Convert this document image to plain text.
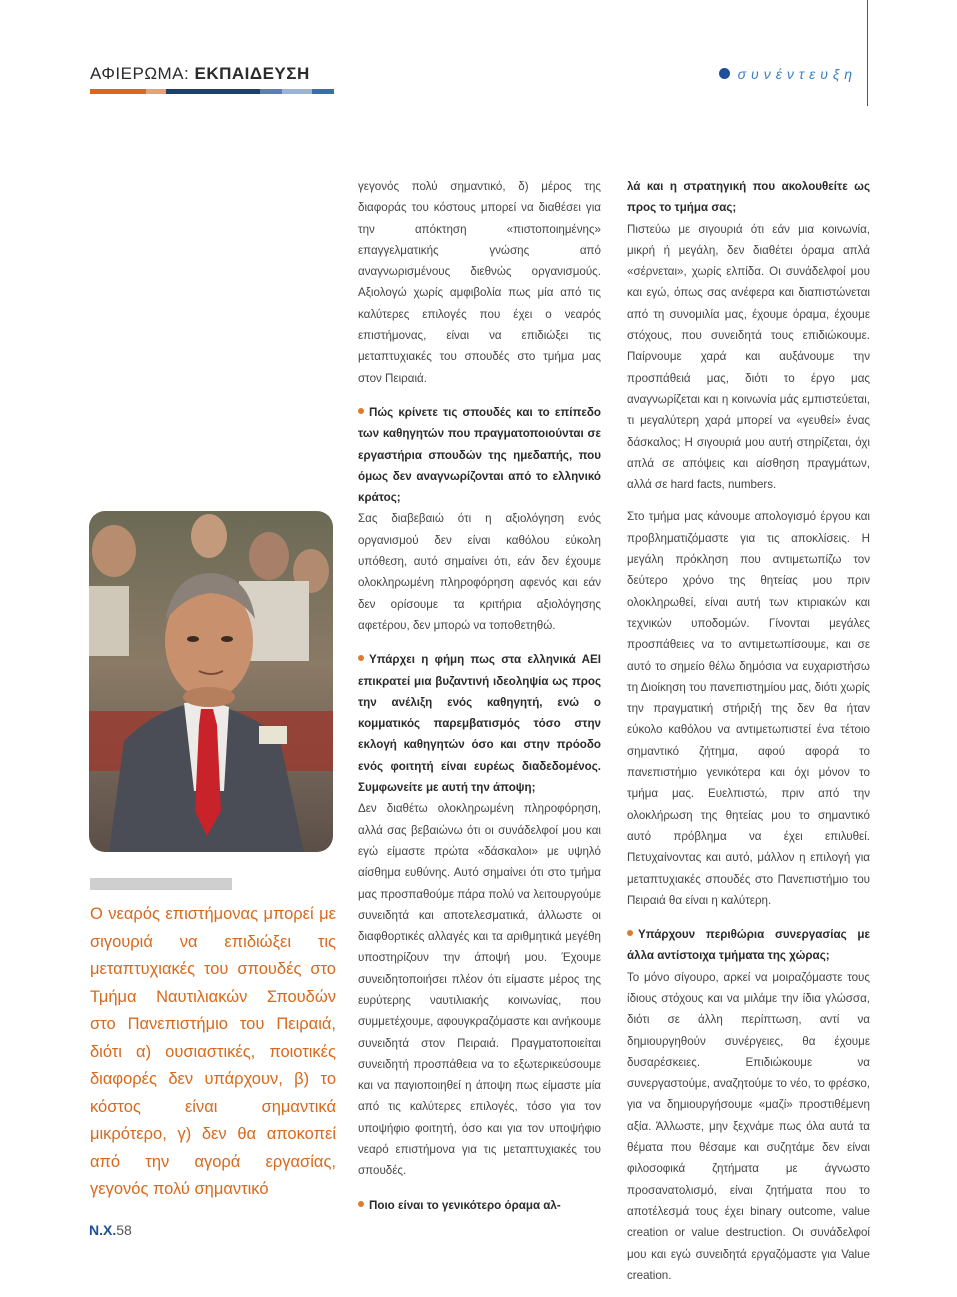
ΑΦΙΕΡΩΜΑ: ΕΚΠΑΙΔΕΥΣΗ	συνέντευξη

Ο νεαρός επιστήμονας μπορεί με σιγουριά να επιδιώξει τις μεταπτυχιακές του σπουδές στο Τμήμα Ναυτιλιακών Σπουδών στο Πανεπιστήμιο του Πειραιά, διότι α) ουσιαστικές, ποιοτικές διαφορές δεν υπάρχουν, β) το κόστος είναι σημαντικά μικρότερο, γ) δεν θα αποκοπεί από την αγορά εργασίας, γεγονός πολύ σημαντικό

γεγονός πολύ σημαντικό, δ) μέρος της διαφοράς του κόστους μπορεί να διαθέσει για την απόκτηση «πιστοποιημένης» επαγγελματικής γνώσης από αναγνωρισμένους διεθνώς οργανισμούς. Αξιολογώ χωρίς αμφιβολία πως μία από τις καλύτερες επιλογές που έχει ο νεαρός επιστήμονας, είναι να επιδιώξει τις μεταπτυχιακές του σπουδές στο τμήμα μας στον Πειραιά.

Πώς κρίνετε τις σπουδές και το επίπεδο των καθηγητών που πραγματοποιούνται σε εργαστήρια σπουδών της ημεδαπής, που όμως δεν αναγνωρίζονται από το ελληνικό κράτος;

Σας διαβεβαιώ ότι η αξιολόγηση ενός οργανισμού δεν είναι καθόλου εύκολη υπόθεση, αυτό σημαίνει ότι, εάν δεν έχουμε ολοκληρωμένη πληροφόρηση αφενός και εάν δεν ορίσουμε τα κριτήρια αξιολόγησης αφετέρου, δεν μπορώ να τοποθετηθώ.

Υπάρχει η φήμη πως στα ελληνικά ΑΕΙ επικρατεί μια βυζαντινή ιδεοληψία ως προς την ανέλιξη ενός καθηγητή, ενώ ο κομματικός παρεμβατισμός τόσο στην εκλογή καθηγητών όσο και στην πρόοδο ενός φοιτητή είναι ευρέως διαδεδομένος. Συμφωνείτε με αυτή την άποψη;

Δεν διαθέτω ολοκληρωμένη πληροφόρηση, αλλά σας βεβαιώνω ότι οι συνάδελφοί μου και εγώ είμαστε πρώτα «δάσκαλοι» με υψηλό αίσθημα ευθύνης. Αυτό σημαίνει ότι στο τμήμα μας προσπαθούμε πάρα πολύ να λειτουργούμε συνειδητά και αποτελεσματικά, άλλωστε οι διαφθορτικές αλλαγές και τα αριθμητικά μεγέθη υποστηρίζουν την άποψή μου. Έχουμε συνειδητοποιήσει πλέον ότι είμαστε μέρος της ευρύτερης ναυτιλιακής κοινωνίας, που συμμετέχουμε, αφουγκραζόμαστε και ανήκουμε συνειδητά στον Πειραιά. Πραγματοποιείται συνειδητή προσπάθεια να το εξωτερικεύσουμε και να παγιοποιηθεί η άποψη πως είμαστε μία από τις καλύτερες επιλογές, τόσο για τον υποψήφιο φοιτητή, όσο και για τον υποψήφιο νεαρό επιστήμονα για τις μεταπτυχιακές του σπουδές.

Ποιο είναι το γενικότερο όραμα αλ-

λά και η στρατηγική που ακολουθείτε ως προς το τμήμα σας;

Πιστεύω με σιγουριά ότι εάν μια κοινωνία, μικρή ή μεγάλη, δεν διαθέτει όραμα απλά «σέρνεται», χωρίς ελπίδα. Οι συνάδελφοί μου και εγώ, όπως σας ανέφερα και διαπιστώνεται από τη συνομιλία μας, έχουμε όραμα, έχουμε στόχους, που συνειδητά τους επιδιώκουμε. Παίρνουμε χαρά και αυξάνουμε την προσπάθειά μας, διότι το έργο μας αναγνωρίζεται και η κοινωνία μάς εμπιστεύεται, τι μεγαλύτερη χαρά μπορεί να «γευθεί» ένας δάσκαλος; Η σιγουριά μου αυτή στηρίζεται, όχι απλά σε απόψεις και αίσθηση πραγμάτων, αλλά σε hard facts, numbers.

Στο τμήμα μας κάνουμε απολογισμό έργου και προβληματιζόμαστε για τις αποκλίσεις. Η μεγάλη πρόκληση που αντιμετωπίζω τον δεύτερο χρόνο της θητείας μου πριν ολοκληρωθεί, είναι αυτή των κτιριακών και τεχνικών υποδομών. Γίνονται μεγάλες προσπάθειες να το αντιμετωπίσουμε, και σε αυτό το σημείο θέλω δημόσια να ευχαριστήσω τη Διοίκηση του πανεπιστημίου μας, διότι χωρίς την πραγματική στήριξή της δεν θα ήταν εύκολο καθόλου να αντιμετωπιστεί ένα τέτοιο σημαντικό ζήτημα, αφού αφορά το πανεπιστήμιο γενικότερα και όχι μόνον το τμήμα μας. Ευελπιστώ, πριν από την ολοκλήρωση της θητείας μου το σημαντικό αυτό πρόβλημα να έχει επιλυθεί. Πετυχαίνοντας και αυτό, μάλλον η επιλογή για μεταπτυχιακές σπουδές στο Πανεπιστήμιο του Πειραιά θα είναι η καλύτερη.

Υπάρχουν περιθώρια συνεργασίας με άλλα αντίστοιχα τμήματα της χώρας;

Το μόνο σίγουρο, αρκεί να μοιραζόμαστε τους ίδιους στόχους και να μιλάμε την ίδια γλώσσα, διότι σε άλλη περίπτωση, αντί να δημιουργηθούν συνέργειες, θα έχουμε δυσαρέσκειες. Επιδιώκουμε να συνεργαστούμε, αναζητούμε το νέο, το φρέσκο, για να δημιουργήσουμε «μαζί» προστιθέμενη αξία. Άλλωστε, μην ξεχνάμε πως όλα αυτά τα θέματα που θέσαμε και συζητάμε δεν είναι φιλοσοφικά ζητήματα με άγνωστο προσανατολισμό, είναι ζητήματα που το αποτέλεσμά τους έχει binary outcome, value creation or value destruction. Οι συνάδελφοί μου και εγώ συνειδητά εργαζόμαστε για Value creation.

Ν.Χ.58
